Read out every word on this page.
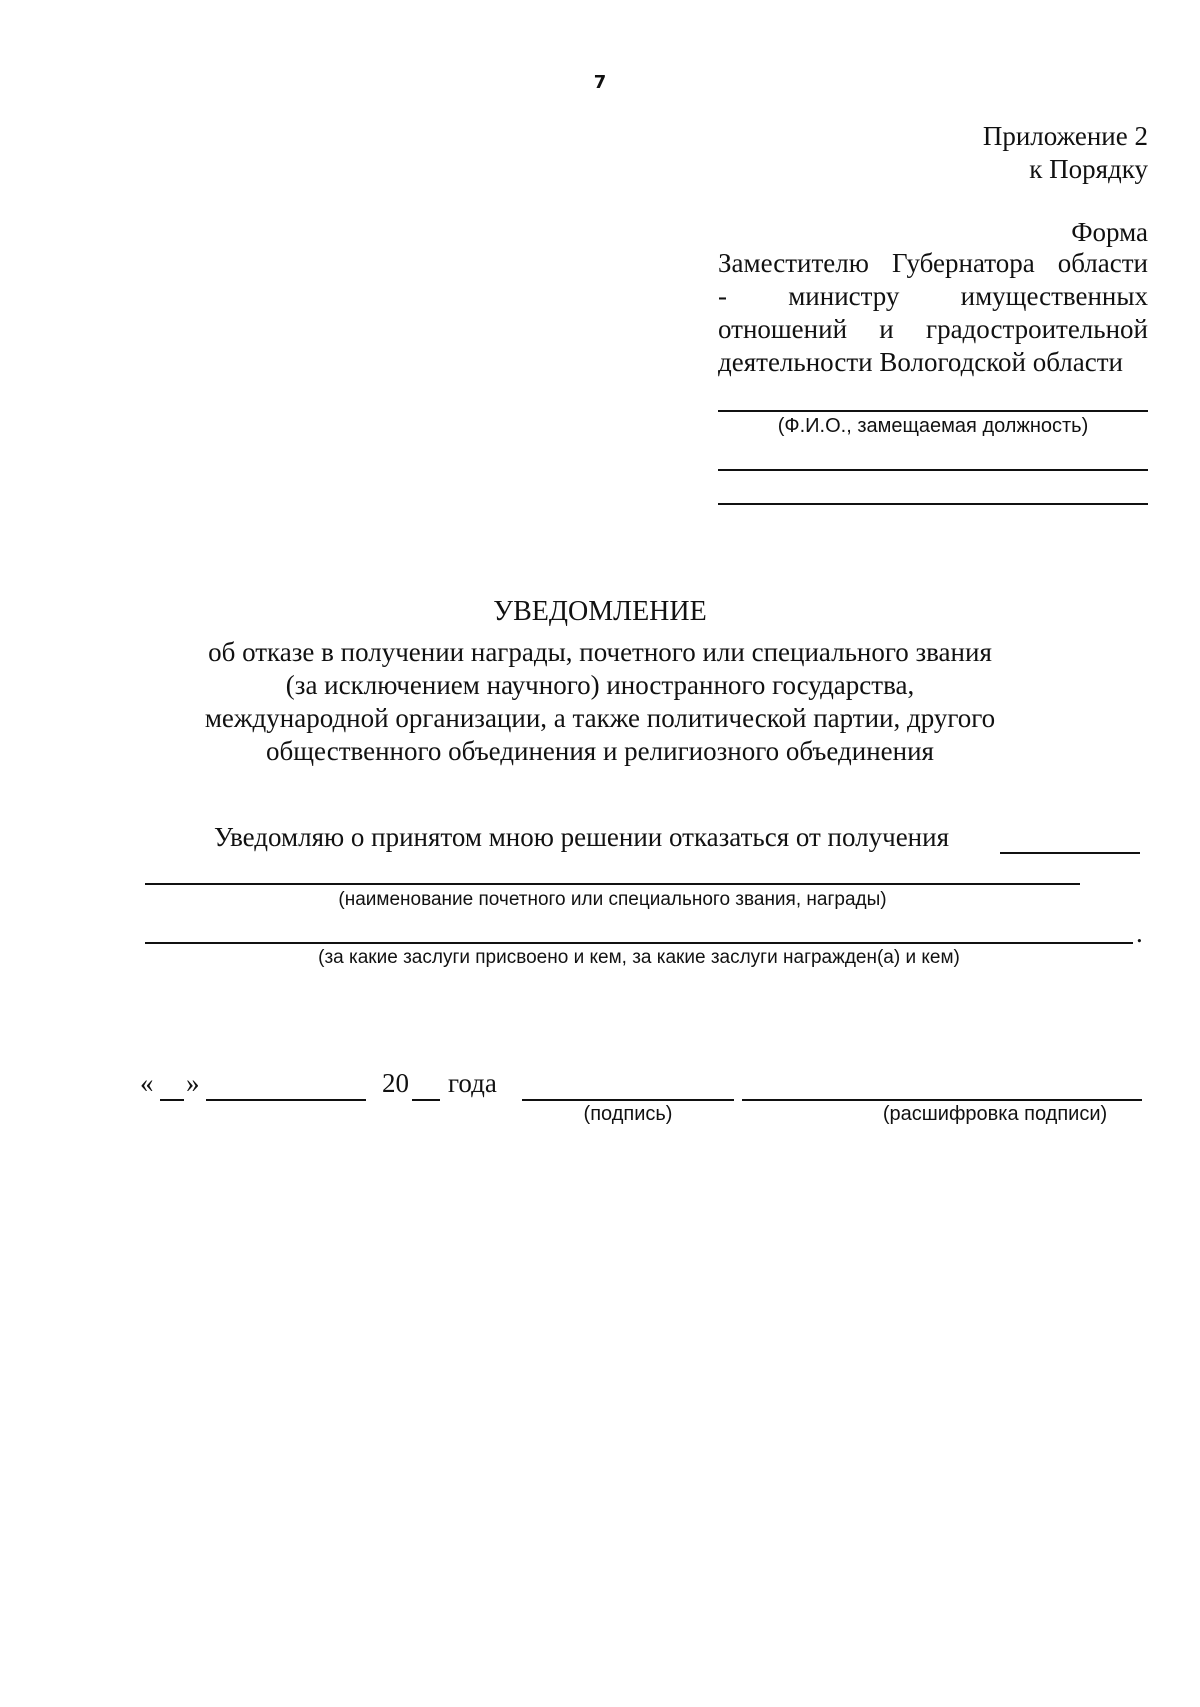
7
Приложение 2
к Порядку
Форма
Заместителю Губернатора области
- министру имущественных
отношений и градостроительной
деятельности Вологодской области
(Ф.И.О., замещаемая должность)
УВЕДОМЛЕНИЕ
об отказе в получении награды, почетного или специального звания
(за исключением научного) иностранного государства,
международной организации, а также политической партии, другого
общественного объединения и религиозного объединения
Уведомляю о принятом мною решении отказаться от получения
(наименование почетного или специального звания, награды)
.
(за какие заслуги присвоено и кем, за какие заслуги награжден(а) и кем)
« »	20 года
(подпись)	(расшифровка подписи)
